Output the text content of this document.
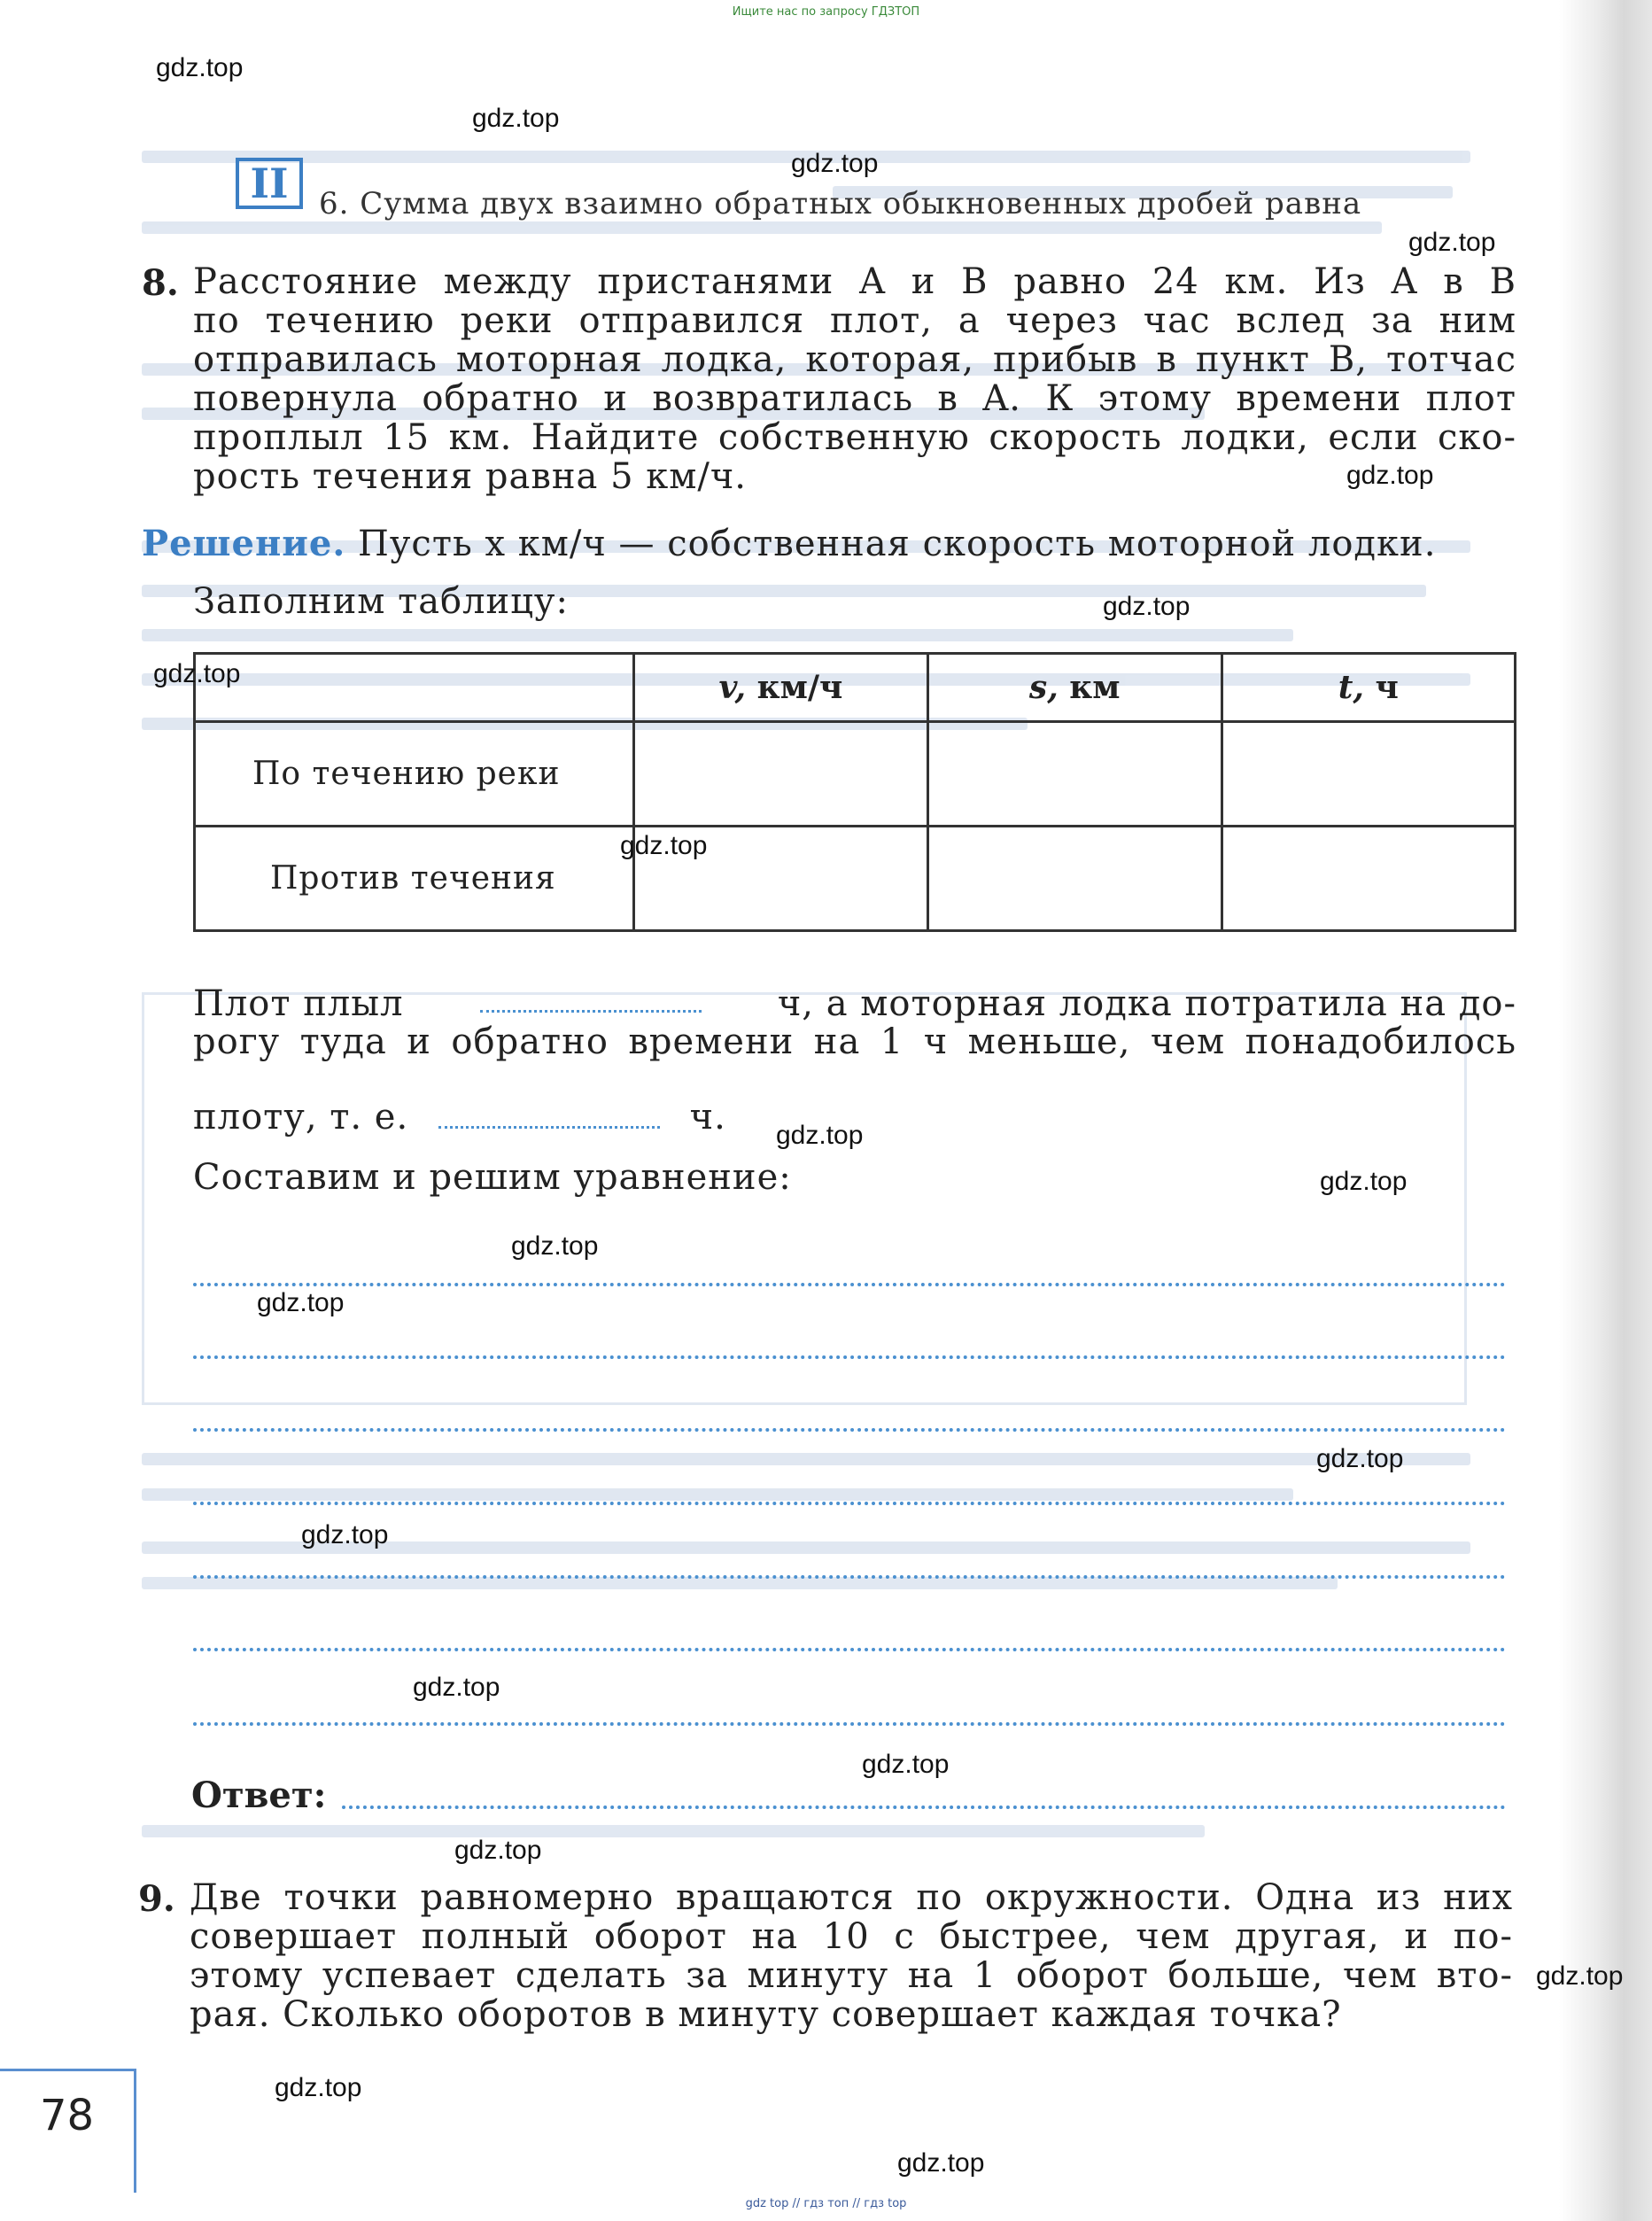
Ищите нас по запросу ГДЗТОП
II	6. Сумма двух взаимно обратных обыкновенных дробей равна
8. Расстояние между пристанями A и B равно 24 км. Из A в B
по течению реки отправился плот, а через час вслед за ним
отправилась моторная лодка, которая, прибыв в пункт B, тотчас
повернула обратно и возвратилась в A. К этому времени плот
проплыл 15 км. Найдите собственную скорость лодки, если ско-
рость течения равна 5 км/ч.
Решение. Пусть x км/ч — собственная скорость моторной лодки.
Заполним таблицу:
	v, км/ч	s, км	t, ч
По течению реки			
Против течения			
Плот плыл	ч, а моторная лодка потратила на до-
рогу туда и обратно времени на 1 ч меньше, чем понадобилось
плоту, т. е.	ч.
Составим и решим уравнение:
Ответ:
9. Две точки равномерно вращаются по окружности. Одна из них
совершает полный оборот на 10 с быстрее, чем другая, и по-
этому успевает сделать за минуту на 1 оборот больше, чем вто-
рая. Сколько оборотов в минуту совершает каждая точка?
78
gdz.top
gdz.top
gdz.top
gdz.top
gdz.top
gdz.top
gdz.top
gdz.top
gdz.top
gdz.top
gdz.top
gdz.top
gdz.top
gdz.top
gdz.top
gdz.top
gdz.top
gdz.top
gdz.top
gdz.top
gdz top // гдз топ // гдз top
